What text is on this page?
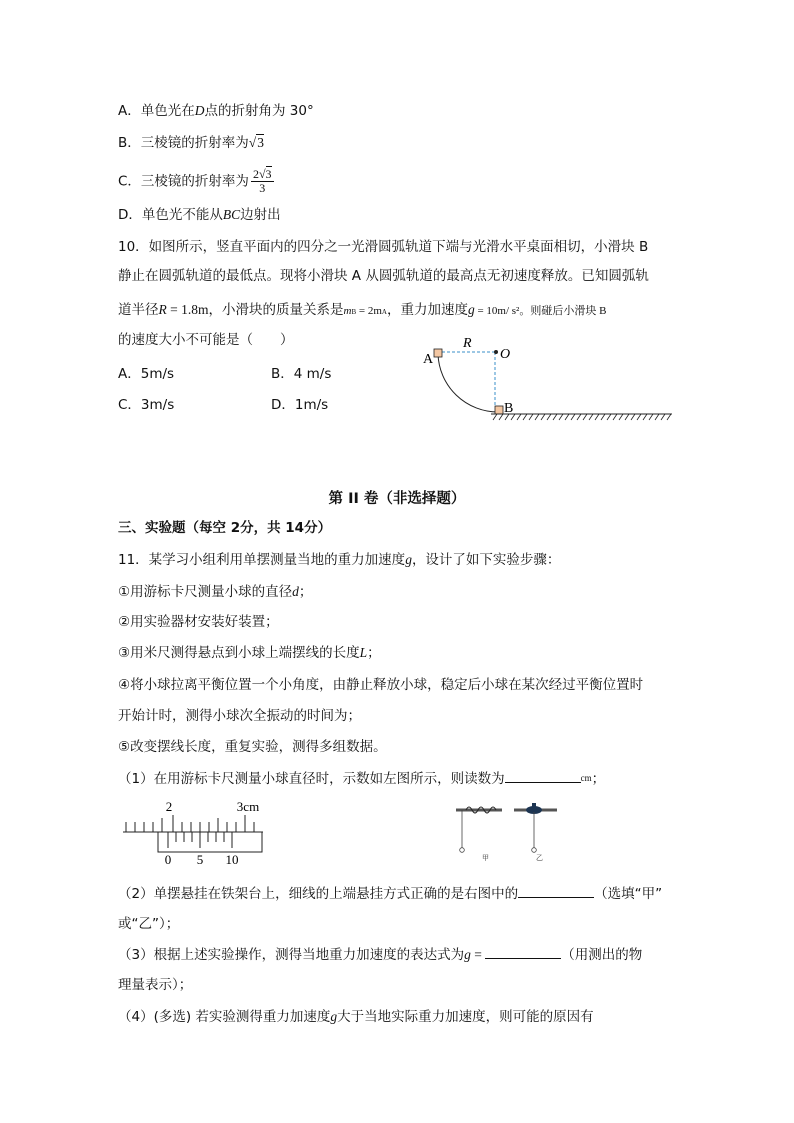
A．单色光在D点的折射角为 30°
B．三棱镜的折射率为√3
C．三棱镜的折射率为 $\frac{2√3}{3}$
D．单色光不能从BC边射出
10．如图所示，竖直平面内的四分之一光滑圆弧轨道下端与光滑水平桌面相切，小滑块 B
静止在圆弧轨道的最低点。现将小滑块 A 从圆弧轨道的最高点无初速度释放。已知圆弧轨
道半径R = 1.8m，小滑块的质量关系是mB = 2mA，重力加速度g = 10m/ s²。则碰后小滑块 B
的速度大小不可能是（　　）
A．5m/s	B．4 m/s
C．3m/s	D．1m/s
A
R
O
B
第 II 卷（非选择题）
三、实验题（每空 2分，共 14分）
11．某学习小组利用单摆测量当地的重力加速度g，设计了如下实验步骤：
①用游标卡尺测量小球的直径d；
②用实验器材安装好装置；
③用米尺测得悬点到小球上端摆线的长度L；
④将小球拉离平衡位置一个小角度，由静止释放小球，稳定后小球在某次经过平衡位置时
开始计时，测得小球次全振动的时间为；
⑤改变摆线长度，重复实验，测得多组数据。
（1）在用游标卡尺测量小球直径时，示数如左图所示，则读数为	$^{cm}$；
2	3cm
0 5 10	甲	乙
（2）单摆悬挂在铁架台上，细线的上端悬挂方式正确的是右图中的	（选填“甲”
或“乙”）；
（3）根据上述实验操作，测得当地重力加速度的表达式为g =	（用测出的物
理量表示）；
（4）(多选) 若实验测得重力加速度g大于当地实际重力加速度，则可能的原因有
